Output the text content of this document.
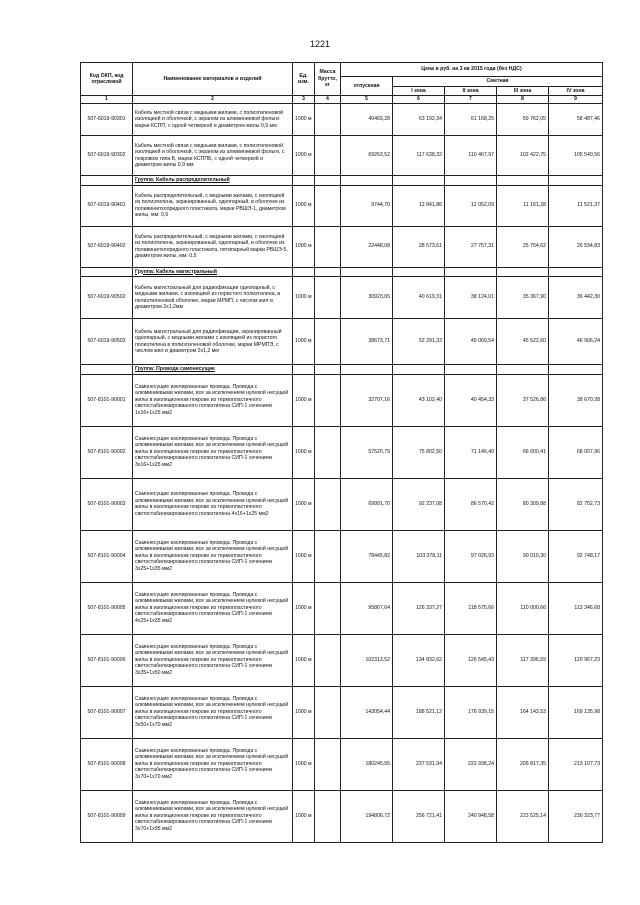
1221
Код ОКП, код отраслевой	Наименование материалов и изделий	Ед. изм.	Масса брутто, кг	Цена в руб. на 3 кв 2015 года (без НДС)				
				отпускная	Сметная			
					I зона	II зона	III зона	IV зона
1	2	3	4	5	6	7	8	9
507-6019-90301	Кабель местной связи с медными жилами, с полиэтиленовой изоляцией и оболочкой, с экраном из алюминиевой фольги марки КСПП, с одной четверкой и диаметром жилы 0,9 мм	1000 м		40469,28	63 192,34	61 168,25	59 762,05	58 487,46
507-6019-90302	Кабель местной связи с медными жилами, с полиэтиленовой изоляцией и оболочкой, с экраном из алюминиевой фольги, с покровом типа Б, марки КСППБ, с одной четверкой и диаметром жилы 0,9 мм	1000 м		69263,52	117 638,32	110 467,97	102 422,75	105 540,56
	Группа: Кабель распределительный							
507-6019-90401	Кабель распределительный, с медными жилами, с изоляцией из полиэтилена, экранированный, однопарный, в оболочке из поливинилхлоридного пластиката, марки РВШЭ-1, диаметром жилы, мм: 0,5	1000 м		9744,70	12 841,86	12 052,09	11 161,28	11 521,37
507-6019-90402	Кабель распределительный, с медными жилами, с изоляцией из полиэтилена, экранированный, однопарный, в оболочке из поливинилхлоридного пластиката, пятипарный марки РВШЭ-5, диаметром жилы, мм: 0,5	1000 м		22448,08	28 573,61	27 757,31	25 754,62	26 534,83
	Группа: Кабель магистральный							
507-6019-90502	Кабель магистральный для радиофикации однопарный, с медными жилами, с изоляцией из пористого полиэтилена, в полиэтиленовой оболочке, марки МРМП, с числом жил и диаметром 2х1,2мм	1000 м		30923,65	40 619,31	38 124,01	35 367,90	36 442,30
507-6019-90503	Кабель магистральный для радиофикации, экранированный однопарный, с медными жилами с изоляцией из пористого полиэтилена в полиэтиленовой оболочке, марки МРМПЭ, с числом жил и диаметром 2х1,2 мм	1000 м		38673,71	52 291,33	49 069,54	45 522,60	46 906,24
	Группа: Провода самонесущие							
507-8101-90001	Самонесущие изолированные провода. Провода с алюминиевыми жилами, все за исключением нулевой несущей жилы в изоляционном покрове из термопластичного светостабилизированного полиэтилена СИП-1 сечением 1х16+1х25 мм2	1000 м		32707,16	43 102,40	40 454,33	37 526,86	38 670,28
507-8101-90002	Самонесущие изолированные провода. Провода с алюминиевыми жилами, все за исключением нулевой несущей жилы в изоляционном покрове из термопластичного светостабилизированного полиэтилена СИП-1 сечением 3х16+1х25 мм2	1000 м		57520,79	75 802,50	71 146,40	66 000,41	68 007,96
507-8101-90003	Самонесущие изолированные провода. Провода с алюминиевыми жилами, все за исключением нулевой несущей жилы в изоляционном покрове из термопластичного светостабилизированного полиэтилена 4х16+1х25 мм2	1000 м		69991,70	92 237,08	86 570,42	80 309,88	82 752,73
507-8101-90004	Самонесущие изолированные провода. Провода с алюминиевыми жилами, все за исключением нулевой несущей жилы в изоляционном покрове из термопластичного светостабилизированного полиэтилена СИП-1 сечением 3х25+1х35 мм2	1000 м		78445,82	103 378,11	97 026,93	90 010,30	92 748,17
507-8101-90005	Самонесущие изолированные провода. Провода с алюминиевыми жилами, все за исключением нулевой несущей жилы в изоляционном покрове из термопластичного светостабилизированного полиэтилена СИП-1 сечением 4х25+1х35 мм2	1000 м		95867,64	126 337,27	118 575,66	110 000,66	113 346,68
507-8101-90006	Самонесущие изолированные провода. Провода с алюминиевыми жилами, все за исключением нулевой несущей жилы в изоляционном покрове из термопластичного светостабилизированного полиэтилена СИП-1 сечением 3х35+1х50 мм2	1000 м		102313,52	134 832,62	126 545,43	117 396,59	120 967,23
507-8101-90007	Самонесущие изолированные провода. Провода с алюминиевыми жилами, все за исключением нулевой несущей жилы в изоляционном покрове из термопластичного светостабилизированного полиэтилена СИП-1 сечением 3х50+1х70 мм2	1000 м		143054,44	188 521,12	176 939,15	164 143,53	169 135,98
507-8101-90008	Самонесущие изолированные провода. Провода с алюминиевыми жилами, все за исключением нулевой несущей жилы в изоляционном покрове из термопластичного светостабилизированного полиэтилена СИП-1 сечением 3х70+1х70 мм2	1000 м		180245,55	237 531,94	222 938,24	206 817,35	213 107,73
507-8101-90009	Самонесущие изолированные провода. Провода с алюминиевыми жилами, все за исключением нулевой несущей жилы в изоляционном покрове из термопластичного светостабилизированного полиэтилена СИП-1 сечением 3х70+1х95 мм2	1000 м		194806,72	256 721,41	240 948,58	223 525,14	230 323,77
